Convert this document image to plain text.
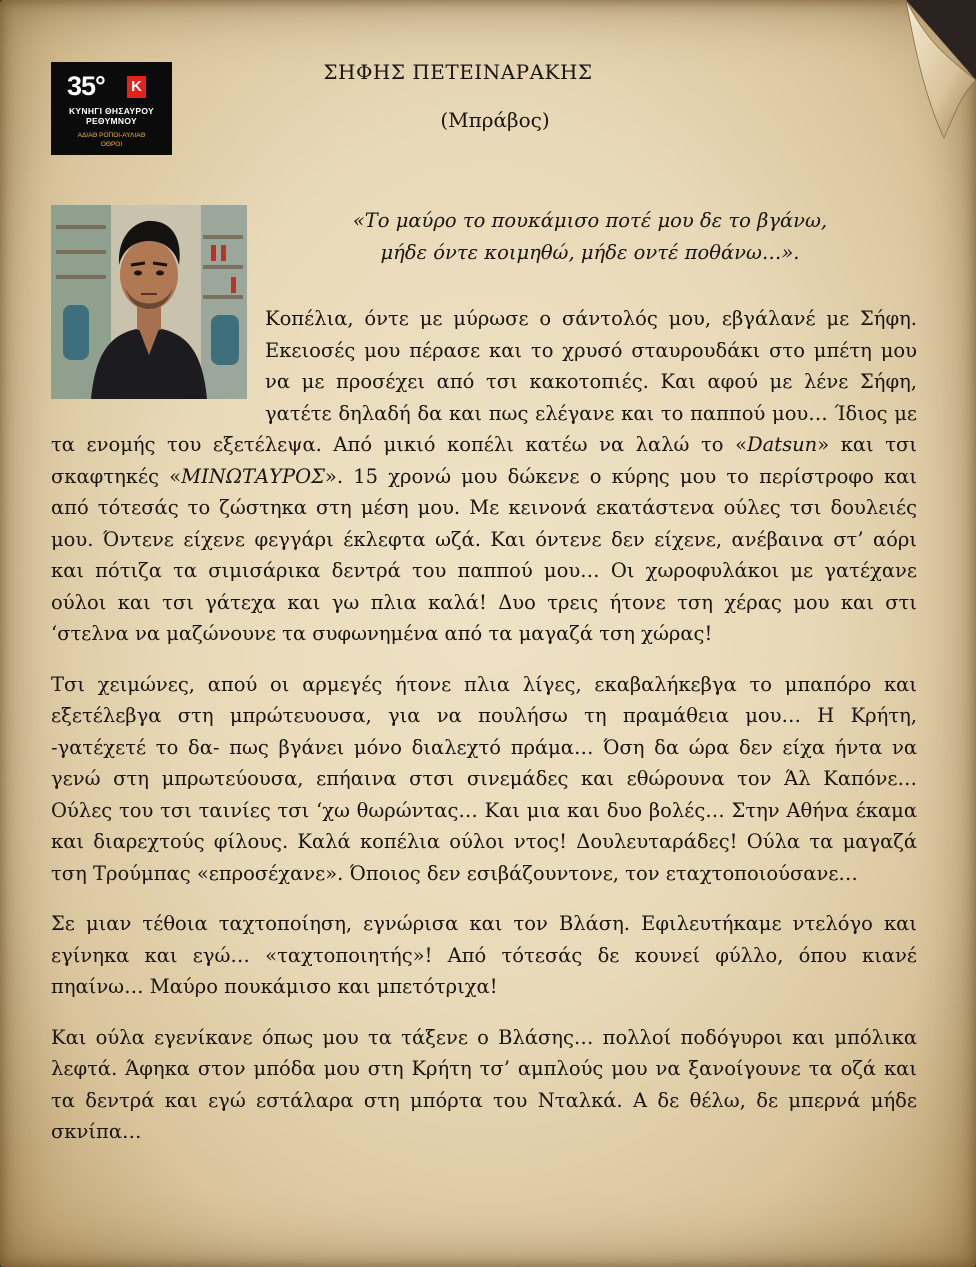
35° K
ΚΥΝΗΓΙ ΘΗΣΑΥΡΟΥ
ΡΕΘΥΜΝΟΥ
ΑΔΙΑΘ ΡΟΠΟΙ-ΑΥΛΙΑΘ
ΟΘΡΟΙ
ΣΗΦΗΣ ΠΕΤΕΙΝΑΡΑΚΗΣ
(Μπράβος)
«Το μαύρο το πουκάμισο ποτέ μου δε το βγάνω,
μήδε όντε κοιμηθώ, μήδε οντέ ποθάνω…».

Κοπέλια, όντε με μύρωσε ο σάντολός μου, εβγάλανέ με Σήφη. Εκειοσές μου πέρασε και το χρυσό σταυρουδάκι στο μπέτη μου να με προσέχει από τσι κακοτοπιές. Και αφού με λένε Σήφη, γατέτε δηλαδή δα και πως ελέγανε και το παππού μου… Ίδιος με τα ενομής του εξετέλεψα. Από μικιό κοπέλι κατέω να λαλώ το «Datsun» και τσι σκαφτηκές «ΜΙΝΩΤΑΥΡΟΣ». 15 χρονώ μου δώκενε ο κύρης μου το περίστροφο και από τότεσάς το ζώστηκα στη μέση μου. Με κεινονά εκατάστενα ούλες τσι δουλειές μου. Όντενε είχενε φεγγάρι έκλεφτα ωζά. Και όντενε δεν είχενε, ανέβαινα στ’ αόρι και πότιζα τα σιμισάρικα δεντρά του παππού μου… Οι χωροφυλάκοι με γατέχανε ούλοι και τσι γάτεχα και γω πλια καλά! Δυο τρεις ήτονε τση χέρας μου και στι ‘στελνα να μαζώνουνε τα συφωνημένα από τα μαγαζά τση χώρας!

Τσι χειμώνες, απού οι αρμεγές ήτονε πλια λίγες, εκαβαλήκεβγα το μπαπόρο και εξετέλεβγα στη μπρώτευουσα, για να πουλήσω τη πραμάθεια μου… Η Κρήτη, -γατέχετέ το δα- πως βγάνει μόνο διαλεχτό πράμα… Όση δα ώρα δεν είχα ήντα να γενώ στη μπρωτεύουσα, επήαινα στσι σινεμάδες και εθώρουνα τον Άλ Καπόνε… Ούλες του τσι ταινίες τσι ‘χω θωρώντας… Και μια και δυο βολές… Στην Αθήνα έκαμα και διαρεχτούς φίλους. Καλά κοπέλια ούλοι ντος! Δουλευταράδες! Ούλα τα μαγαζά τση Τρούμπας «επροσέχανε». Όποιος δεν εσιβάζουντονε, τον εταχτοποιούσανε…

Σε μιαν τέθοια ταχτοποίηση, εγνώρισα και τον Βλάση. Εφιλευτήκαμε ντελόγο και εγίνηκα και εγώ… «ταχτοποιητής»! Από τότεσάς δε κουνεί φύλλο, όπου κιανέ πηαίνω… Μαύρο πουκάμισο και μπετότριχα!

Και ούλα εγενίκανε όπως μου τα τάξενε ο Βλάσης… πολλοί ποδόγυροι και μπόλικα λεφτά. Άφηκα στον μπόδα μου στη Κρήτη τσ’ αμπλούς μου να ξανοίγουνε τα οζά και τα δεντρά και εγώ εστάλαρα στη μπόρτα του Νταλκά. Α δε θέλω, δε μπερνά μήδε σκνίπα…
